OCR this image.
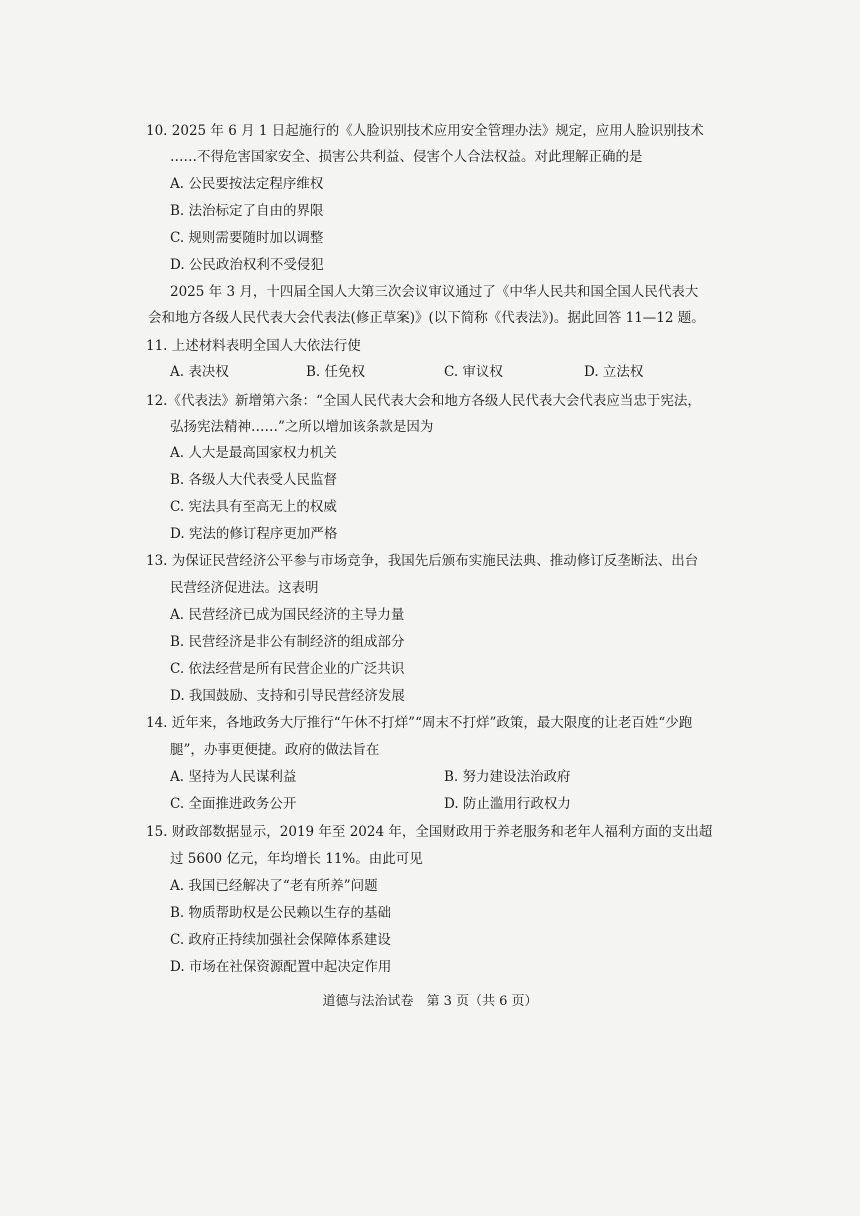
10. 2025 年 6 月 1 日起施行的《人脸识别技术应用安全管理办法》规定，应用人脸识别技术
……不得危害国家安全、损害公共利益、侵害个人合法权益。对此理解正确的是
A. 公民要按法定程序维权
B. 法治标定了自由的界限
C. 规则需要随时加以调整
D. 公民政治权利不受侵犯
2025 年 3 月，十四届全国人大第三次会议审议通过了《中华人民共和国全国人民代表大
会和地方各级人民代表大会代表法(修正草案)》(以下简称《代表法》)。据此回答 11—12 题。
11. 上述材料表明全国人大依法行使
A. 表决权	B. 任免权	C. 审议权	D. 立法权
12.《代表法》新增第六条：“全国人民代表大会和地方各级人民代表大会代表应当忠于宪法，
弘扬宪法精神……”之所以增加该条款是因为
A. 人大是最高国家权力机关
B. 各级人大代表受人民监督
C. 宪法具有至高无上的权威
D. 宪法的修订程序更加严格
13. 为保证民营经济公平参与市场竞争，我国先后颁布实施民法典、推动修订反垄断法、出台
民营经济促进法。这表明
A. 民营经济已成为国民经济的主导力量
B. 民营经济是非公有制经济的组成部分
C. 依法经营是所有民营企业的广泛共识
D. 我国鼓励、支持和引导民营经济发展
14. 近年来，各地政务大厅推行“午休不打烊”“周末不打烊”政策，最大限度的让老百姓“少跑
腿”，办事更便捷。政府的做法旨在
A. 坚持为人民谋利益	B. 努力建设法治政府
C. 全面推进政务公开	D. 防止滥用行政权力
15. 财政部数据显示，2019 年至 2024 年，全国财政用于养老服务和老年人福利方面的支出超
过 5600 亿元，年均增长 11%。由此可见
A. 我国已经解决了“老有所养”问题
B. 物质帮助权是公民赖以生存的基础
C. 政府正持续加强社会保障体系建设
D. 市场在社保资源配置中起决定作用
道德与法治试卷　第 3 页（共 6 页）
